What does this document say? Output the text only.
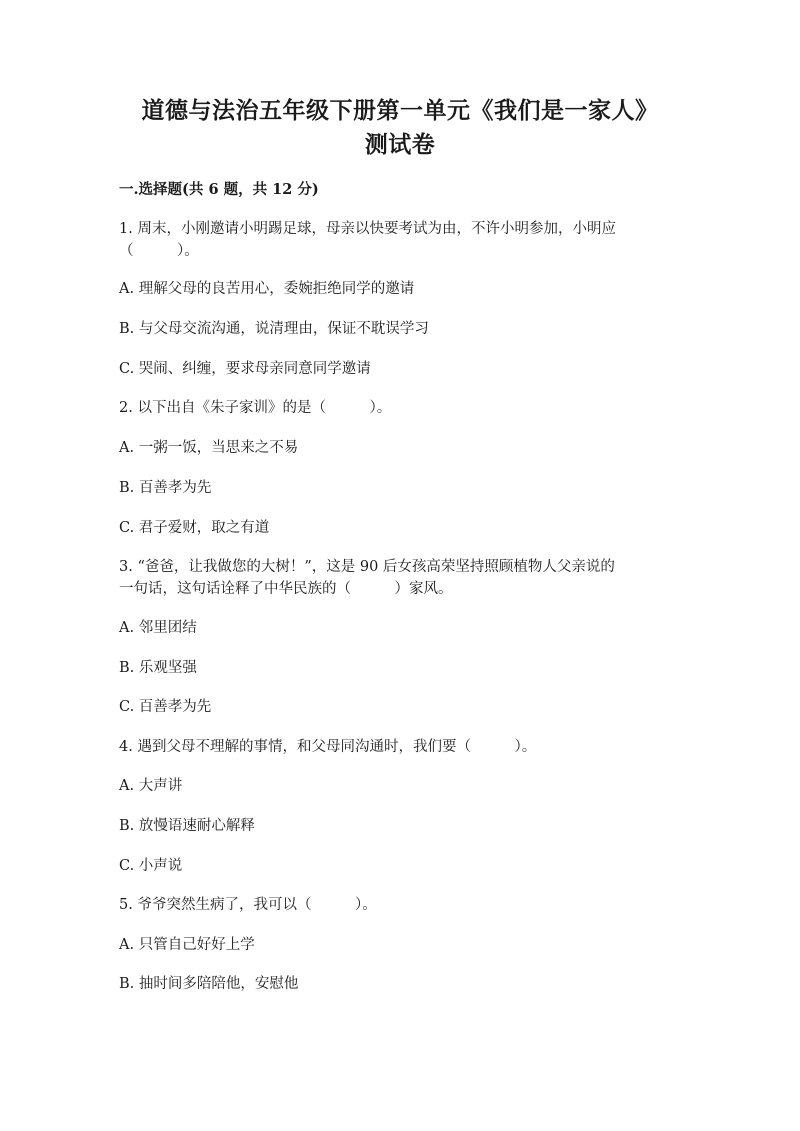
道德与法治五年级下册第一单元《我们是一家人》
测试卷
一.选择题(共 6 题，共 12 分)
1. 周末，小刚邀请小明踢足球，母亲以快要考试为由，不许小明参加，小明应
（　　　）。
A. 理解父母的良苦用心，委婉拒绝同学的邀请
B. 与父母交流沟通，说清理由，保证不耽误学习
C. 哭闹、纠缠，要求母亲同意同学邀请
2. 以下出自《朱子家训》的是（　　　）。
A. 一粥一饭，当思来之不易
B. 百善孝为先
C. 君子爱财，取之有道
3. “爸爸，让我做您的大树！”，这是 90 后女孩高荣坚持照顾植物人父亲说的
一句话，这句话诠释了中华民族的（　　　）家风。
A. 邻里团结
B. 乐观坚强
C. 百善孝为先
4. 遇到父母不理解的事情，和父母同沟通时，我们要（　　　）。
A. 大声讲
B. 放慢语速耐心解释
C. 小声说
5. 爷爷突然生病了，我可以（　　　）。
A. 只管自己好好上学
B. 抽时间多陪陪他，安慰他
